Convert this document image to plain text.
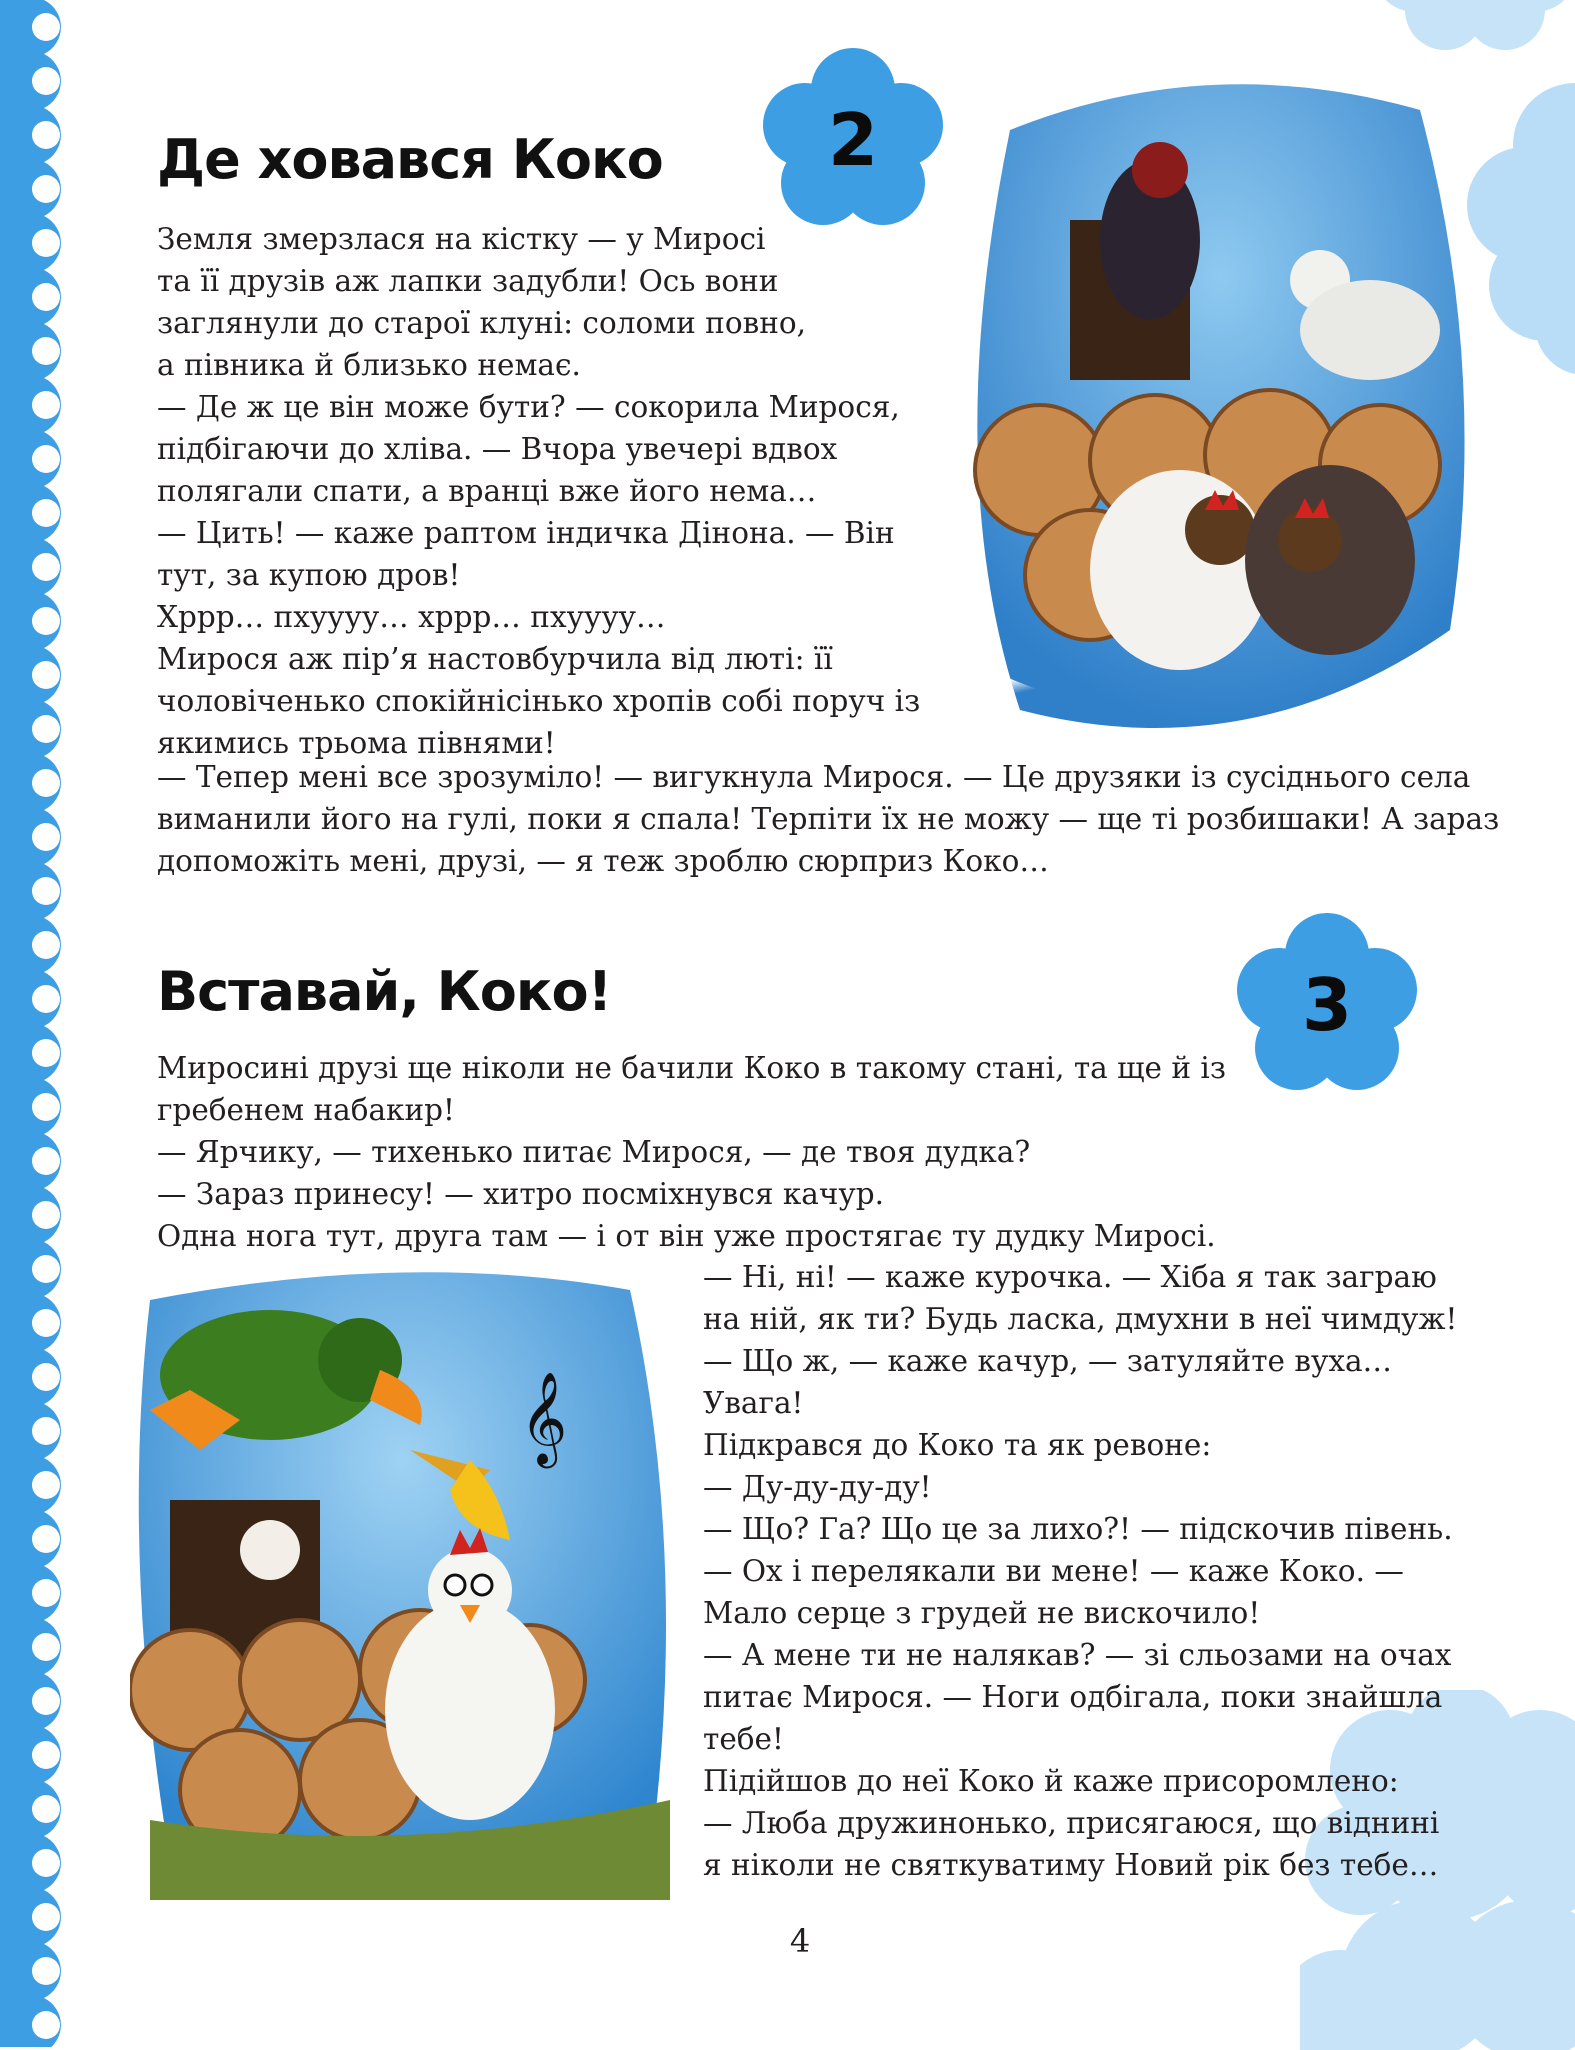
Де ховався Коко	2
Земля змерзлася на кістку — у Миросі
та її друзів аж лапки задубли! Ось вони
заглянули до старої клуні: соломи повно,
а півника й близько немає.
— Де ж це він може бути? — сокорила Мирося,
підбігаючи до хліва. — Вчора увечері вдвох
полягали спати, а вранці вже його нема…
— Цить! — каже раптом індичка Дінона. — Він
тут, за купою дров!
Хррр… пхуууу… хррр… пхуууу…
Мирося аж пір’я настовбурчила від люті: її
чоловіченько спокійнісінько хропів собі поруч із
якимись трьома півнями!
— Тепер мені все зрозуміло! — вигукнула Мирося. — Це друзяки із сусіднього села
виманили його на гулі, поки я спала! Терпіти їх не можу — ще ті розбишаки! А зараз
допоможіть мені, друзі, — я теж зроблю сюрприз Коко…
Вставай, Коко!	3
Миросині друзі ще ніколи не бачили Коко в такому стані, та ще й із
гребенем набакир!
— Ярчику, — тихенько питає Мирося, — де твоя дудка?
— Зараз принесу! — хитро посміхнувся качур.
Одна нога тут, друга там — і от він уже простягає ту дудку Миросі.
— Ні, ні! — каже курочка. — Хіба я так заграю
на ній, як ти? Будь ласка, дмухни в неї чимдуж!
— Що ж, — каже качур, — затуляйте вуха…
Увага!
Підкрався до Коко та як ревоне:
— Ду-ду-ду-ду!
— Що? Га? Що це за лихо?! — підскочив півень.
— Ох і перелякали ви мене! — каже Коко. —
Мало серце з грудей не вискочило!
— А мене ти не налякав? — зі сльозами на очах
питає Мирося. — Ноги одбігала, поки знайшла
тебе!
Підійшов до неї Коко й каже присоромлено:
— Люба дружинонько, присягаюся, що віднині
я ніколи не святкуватиму Новий рік без тебе…
𝄞
4
